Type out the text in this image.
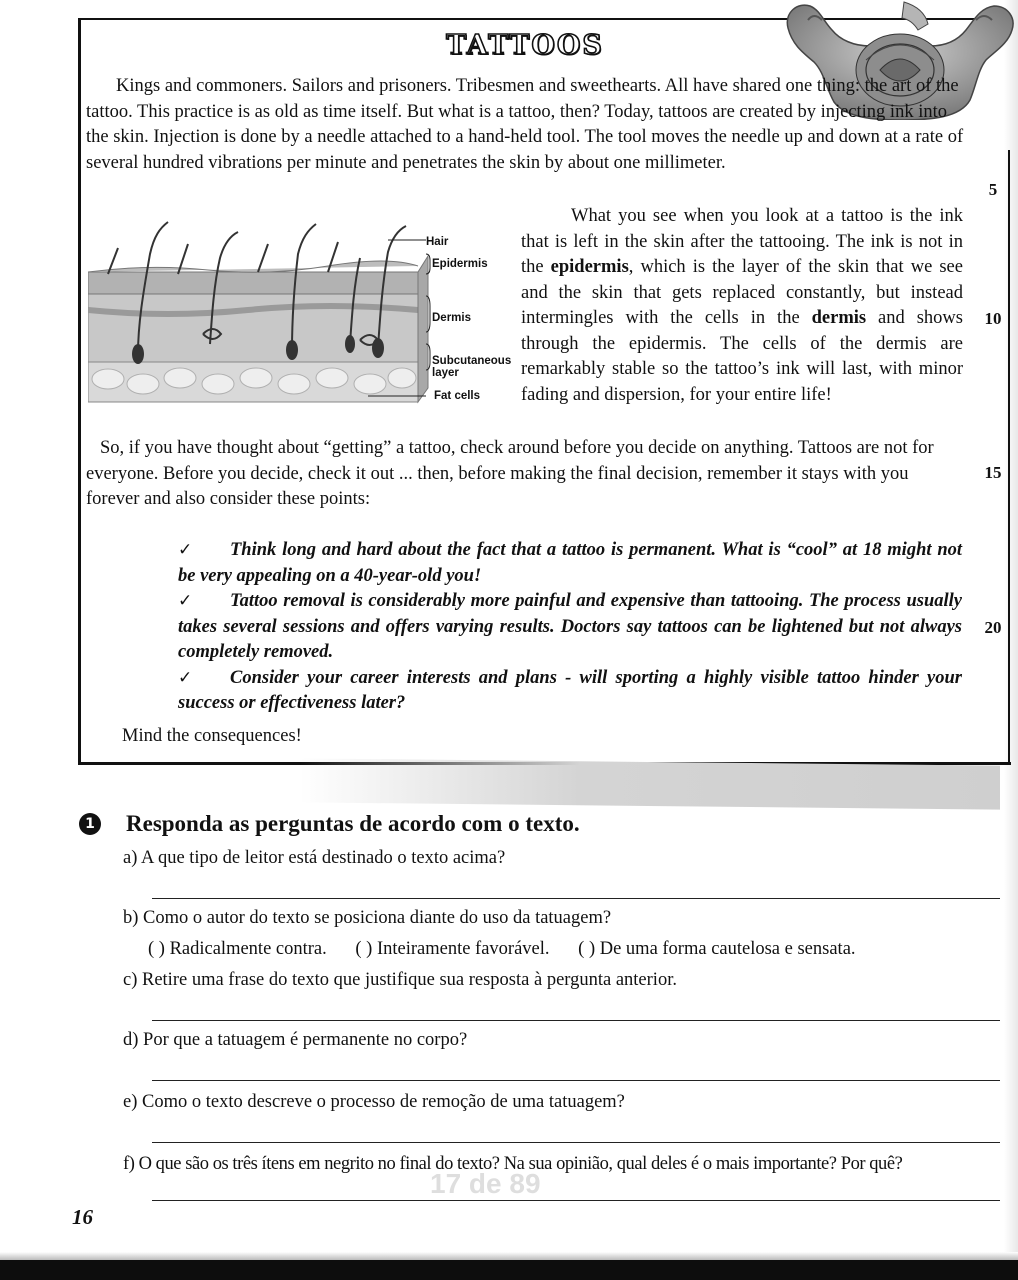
TATTOOS
Kings and commoners. Sailors and prisoners. Tribesmen and sweethearts. All have shared one thing: the art of the tattoo. This practice is as old as time itself. But what is a tattoo, then? Today, tattoos are created by injecting ink into the skin. Injection is done by a needle attached to a hand-held tool. The tool moves the needle up and down at a rate of several hundred vibrations per minute and penetrates the skin by about one millimeter.
Hair
Epidermis
Dermis
Subcutaneous layer
Fat cells
What you see when you look at a tattoo is the ink that is left in the skin after the tattooing. The ink is not in the epidermis, which is the layer of the skin that we see and the skin that gets replaced constantly, but instead intermingles with the cells in the dermis and shows through the epidermis. The cells of the dermis are remarkably stable so the tattoo’s ink will last, with minor fading and dispersion, for your entire life!
So, if you have thought about “getting” a tattoo, check around before you decide on anything. Tattoos are not for everyone. Before you decide, check it out ... then, before making the final decision, remember it stays with you forever and also consider these points:

✓ Think long and hard about the fact that a tattoo is permanent. What is “cool” at 18 might not be very appealing on a 40-year-old you!

✓ Tattoo removal is considerably more painful and expensive than tattooing. The process usually takes several sessions and offers varying results. Doctors say tattoos can be lightened but not always completely removed.

✓ Consider your career interests and plans - will sporting a highly visible tattoo hinder your success or effectiveness later?

Mind the consequences!
5
10
15
20
1 Responda as perguntas de acordo com o texto.
a) A que tipo de leitor está destinado o texto acima?
b) Como o autor do texto se posiciona diante do uso da tatuagem?
( ) Radicalmente contra. ( ) Inteiramente favorável. ( ) De uma forma cautelosa e sensata.
c) Retire uma frase do texto que justifique sua resposta à pergunta anterior.
d) Por que a tatuagem é permanente no corpo?
e) Como o texto descreve o processo de remoção de uma tatuagem?
f) O que são os três ítens em negrito no final do texto? Na sua opinião, qual deles é o mais importante? Por quê?
17 de 89
16
